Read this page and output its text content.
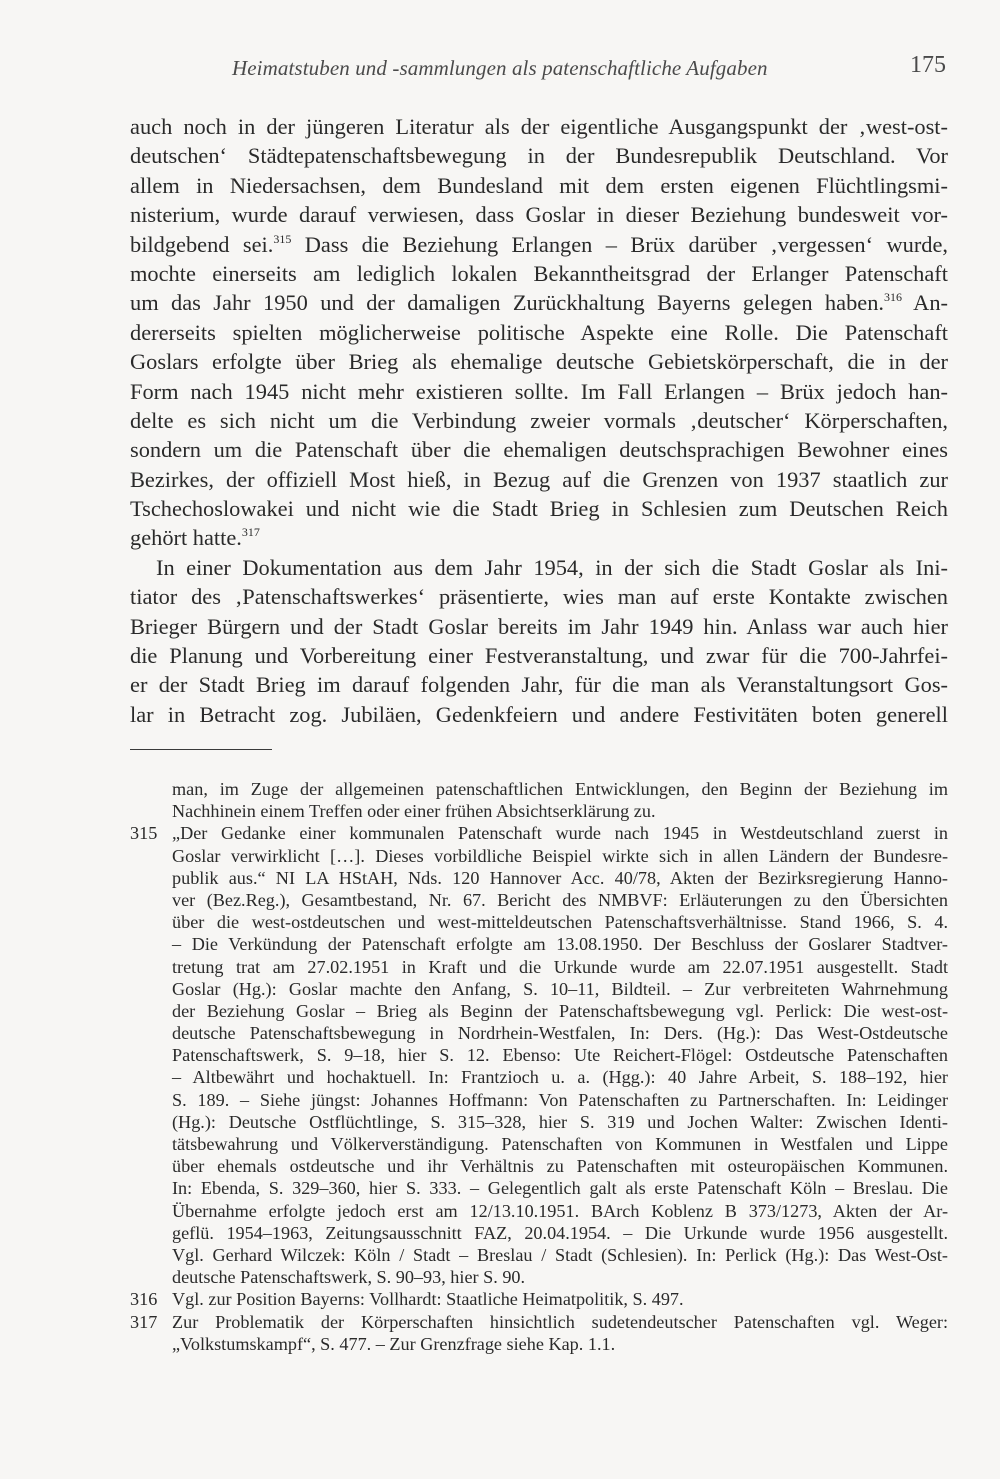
Heimatstuben und -sammlungen als patenschaftliche Aufgaben	175
auch noch in der jüngeren Literatur als der eigentliche Ausgangspunkt der ‚west-ost-
deutschen‘ Städtepatenschaftsbewegung in der Bundesrepublik Deutschland. Vor
allem in Niedersachsen, dem Bundesland mit dem ersten eigenen Flüchtlingsmi-
nisterium, wurde darauf verwiesen, dass Goslar in dieser Beziehung bundesweit vor-
bildgebend sei.$^{315}$ Dass die Beziehung Erlangen – Brüx darüber ‚vergessen‘ wurde,
mochte einerseits am lediglich lokalen Bekanntheitsgrad der Erlanger Patenschaft
um das Jahr 1950 und der damaligen Zurückhaltung Bayerns gelegen haben.$^{316}$ An-
dererseits spielten möglicherweise politische Aspekte eine Rolle. Die Patenschaft
Goslars erfolgte über Brieg als ehemalige deutsche Gebietskörperschaft, die in der
Form nach 1945 nicht mehr existieren sollte. Im Fall Erlangen – Brüx jedoch han-
delte es sich nicht um die Verbindung zweier vormals ‚deutscher‘ Körperschaften,
sondern um die Patenschaft über die ehemaligen deutschsprachigen Bewohner eines
Bezirkes, der offiziell Most hieß, in Bezug auf die Grenzen von 1937 staatlich zur
Tschechoslowakei und nicht wie die Stadt Brieg in Schlesien zum Deutschen Reich
gehört hatte.$^{317}$
In einer Dokumentation aus dem Jahr 1954, in der sich die Stadt Goslar als Ini-
tiator des ‚Patenschaftswerkes‘ präsentierte, wies man auf erste Kontakte zwischen
Brieger Bürgern und der Stadt Goslar bereits im Jahr 1949 hin. Anlass war auch hier
die Planung und Vorbereitung einer Festveranstaltung, und zwar für die 700-Jahrfei-
er der Stadt Brieg im darauf folgenden Jahr, für die man als Veranstaltungsort Gos-
lar in Betracht zog. Jubiläen, Gedenkfeiern und andere Festivitäten boten generell
man, im Zuge der allgemeinen patenschaftlichen Entwicklungen, den Beginn der Beziehung im
Nachhinein einem Treffen oder einer frühen Absichtserklärung zu.
315 „Der Gedanke einer kommunalen Patenschaft wurde nach 1945 in Westdeutschland zuerst in
Goslar verwirklicht […]. Dieses vorbildliche Beispiel wirkte sich in allen Ländern der Bundesre-
publik aus.“ NI LA HStAH, Nds. 120 Hannover Acc. 40/78, Akten der Bezirksregierung Hanno-
ver (Bez.Reg.), Gesamtbestand, Nr. 67. Bericht des NMBVF: Erläuterungen zu den Übersichten
über die west-ostdeutschen und west-mitteldeutschen Patenschaftsverhältnisse. Stand 1966, S. 4.
– Die Verkündung der Patenschaft erfolgte am 13.08.1950. Der Beschluss der Goslarer Stadtver-
tretung trat am 27.02.1951 in Kraft und die Urkunde wurde am 22.07.1951 ausgestellt. Stadt
Goslar (Hg.): Goslar machte den Anfang, S. 10–11, Bildteil. – Zur verbreiteten Wahrnehmung
der Beziehung Goslar – Brieg als Beginn der Patenschaftsbewegung vgl. Perlick: Die west-ost-
deutsche Patenschaftsbewegung in Nordrhein-Westfalen, In: Ders. (Hg.): Das West-Ostdeutsche
Patenschaftswerk, S. 9–18, hier S. 12. Ebenso: Ute Reichert-Flögel: Ostdeutsche Patenschaften
– Altbewährt und hochaktuell. In: Frantzioch u. a. (Hgg.): 40 Jahre Arbeit, S. 188–192, hier
S. 189. – Siehe jüngst: Johannes Hoffmann: Von Patenschaften zu Partnerschaften. In: Leidinger
(Hg.): Deutsche Ostflüchtlinge, S. 315–328, hier S. 319 und Jochen Walter: Zwischen Identi-
tätsbewahrung und Völkerverständigung. Patenschaften von Kommunen in Westfalen und Lippe
über ehemals ostdeutsche und ihr Verhältnis zu Patenschaften mit osteuropäischen Kommunen.
In: Ebenda, S. 329–360, hier S. 333. – Gelegentlich galt als erste Patenschaft Köln – Breslau. Die
Übernahme erfolgte jedoch erst am 12/13.10.1951. BArch Koblenz B 373/1273, Akten der Ar-
geflü. 1954–1963, Zeitungsausschnitt FAZ, 20.04.1954. – Die Urkunde wurde 1956 ausgestellt.
Vgl. Gerhard Wilczek: Köln / Stadt – Breslau / Stadt (Schlesien). In: Perlick (Hg.): Das West-Ost-
deutsche Patenschaftswerk, S. 90–93, hier S. 90.
316 Vgl. zur Position Bayerns: Vollhardt: Staatliche Heimatpolitik, S. 497.
317 Zur Problematik der Körperschaften hinsichtlich sudetendeutscher Patenschaften vgl. Weger:
„Volkstumskampf“, S. 477. – Zur Grenzfrage siehe Kap. 1.1.
